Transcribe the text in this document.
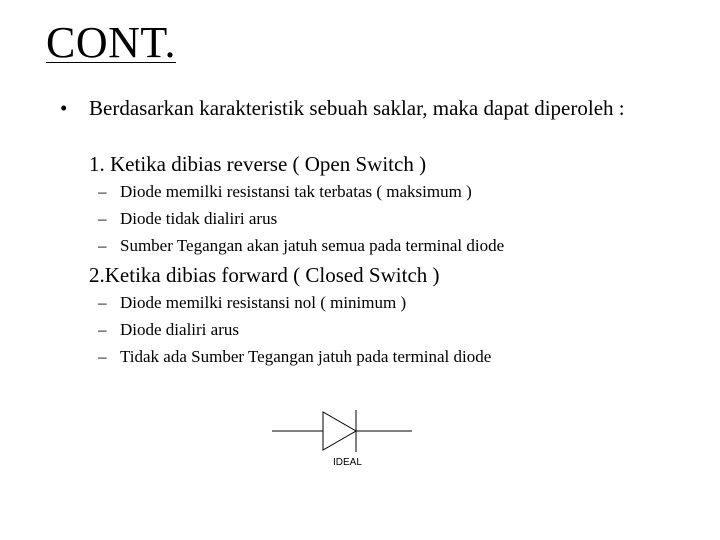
CONT.
• Berdasarkan karakteristik sebuah saklar, maka dapat diperoleh :
1. Ketika dibias reverse ( Open Switch )
– Diode memilki resistansi tak terbatas ( maksimum )
– Diode tidak dialiri arus
– Sumber Tegangan akan jatuh semua pada terminal diode
2.Ketika dibias forward ( Closed Switch )
– Diode memilki resistansi nol ( minimum )
– Diode dialiri arus
– Tidak ada Sumber Tegangan jatuh pada terminal diode
IDEAL
